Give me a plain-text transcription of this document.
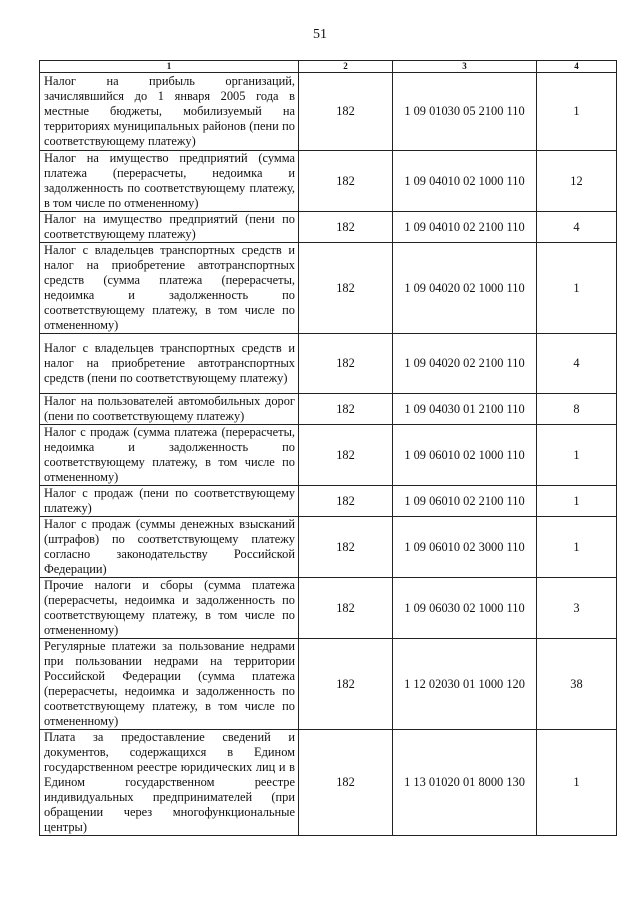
51
1	2	3	4
Налог на прибыль организаций, зачислявшийся до 1 января 2005 года в местные бюджеты, мобилизуемый на территориях муниципальных районов (пени по соответствующему платежу)	182	1 09 01030 05 2100 110	1
Налог на имущество предприятий (сумма платежа (перерасчеты, недоимка и задолженность по соответствующему платежу, в том числе по отмененному)	182	1 09 04010 02 1000 110	12
Налог на имущество предприятий (пени по соответствующему платежу)	182	1 09 04010 02 2100 110	4
Налог с владельцев транспортных средств и налог на приобретение автотранспортных средств (сумма платежа (перерасчеты, недоимка и задолженность по соответствующему платежу, в том числе по отмененному)	182	1 09 04020 02 1000 110	1
Налог с владельцев транспортных средств и налог на приобретение автотранспортных средств (пени по соответствующему платежу)	182	1 09 04020 02 2100 110	4
Налог на пользователей автомобильных дорог (пени по соответствующему платежу)	182	1 09 04030 01 2100 110	8
Налог с продаж (сумма платежа (перерасчеты, недоимка и задолженность по соответствующему платежу, в том числе по отмененному)	182	1 09 06010 02 1000 110	1
Налог с продаж (пени по соответствующему платежу)	182	1 09 06010 02 2100 110	1
Налог с продаж (суммы денежных взысканий (штрафов) по соответствующему платежу согласно законодательству Российской Федерации)	182	1 09 06010 02 3000 110	1
Прочие налоги и сборы (сумма платежа (перерасчеты, недоимка и задолженность по соответствующему платежу, в том числе по отмененному)	182	1 09 06030 02 1000 110	3
Регулярные платежи за пользование недрами при пользовании недрами на территории Российской Федерации (сумма платежа (перерасчеты, недоимка и задолженность по соответствующему платежу, в том числе по отмененному)	182	1 12 02030 01 1000 120	38
Плата за предоставление сведений и документов, содержащихся в Едином государственном реестре юридических лиц и в Едином государственном реестре индивидуальных предпринимателей (при обращении через многофункциональные центры)	182	1 13 01020 01 8000 130	1
